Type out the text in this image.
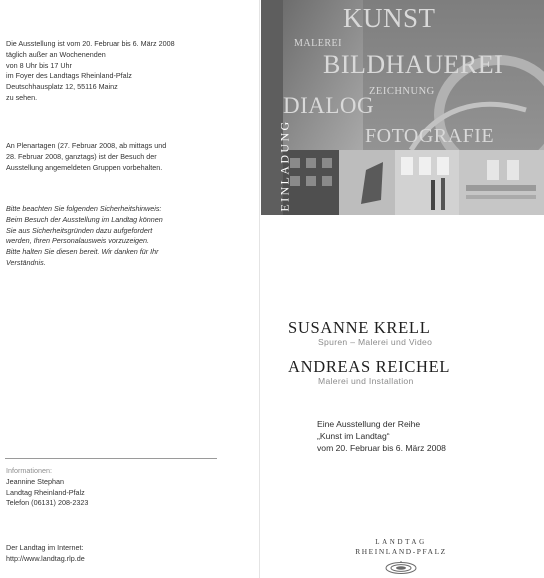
Die Ausstellung ist vom 20. Februar bis 6. März 2008

täglich außer an Wochenenden

von 8 Uhr bis 17 Uhr

im Foyer des Landtags Rheinland-Pfalz

Deutschhausplatz 12, 55116 Mainz

zu sehen.

An Plenartagen (27. Februar 2008, ab mittags und

28. Februar 2008, ganztags) ist der Besuch der

Ausstellung angemeldeten Gruppen vorbehalten.

Bitte beachten Sie folgenden Sicherheitshinweis:

Beim Besuch der Ausstellung im Landtag können

Sie aus Sicherheitsgründen dazu aufgefordert

werden, Ihren Personalausweis vorzuzeigen.

Bitte halten Sie diesen bereit. Wir danken für Ihr

Verständnis.

Informationen:

Jeannine Stephan

Landtag Rheinland-Pfalz

Telefon (06131) 208-2323

Der Landtag im Internet:

http://www.landtag.rlp.de

KUNST
MALEREI
BILDHAUEREI
ZEICHNUNG
DIALOG
FOTOGRAFIE
EINLADUNG
SUSANNE KRELL
Spuren – Malerei und Video
ANDREAS REICHEL
Malerei und Installation

Eine Ausstellung der Reihe

„Kunst im Landtag“

vom 20. Februar bis 6. März 2008

LANDTAG
RHEINLAND-PFALZ
